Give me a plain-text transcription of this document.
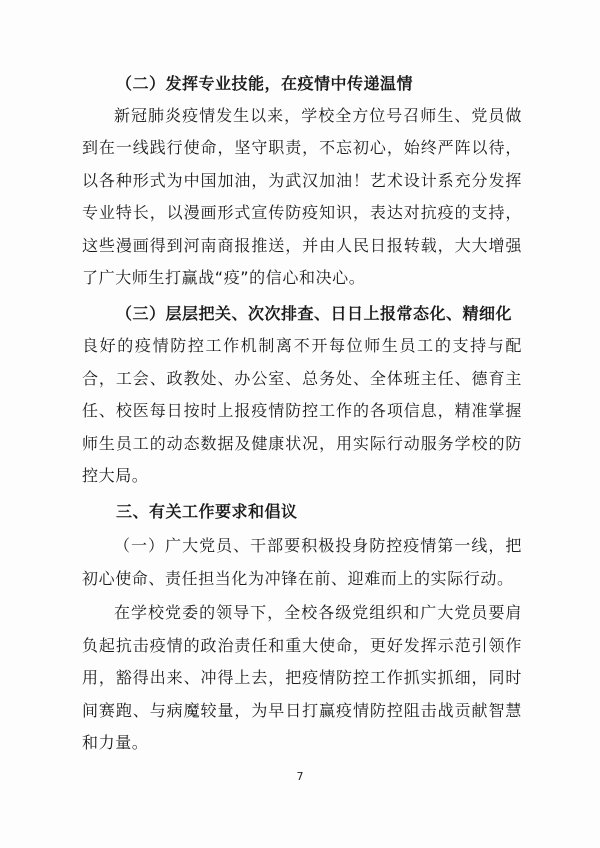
（二）发挥专业技能，在疫情中传递温情

新冠肺炎疫情发生以来，学校全方位号召师生、党员做到在一线践行使命，坚守职责，不忘初心，始终严阵以待，以各种形式为中国加油，为武汉加油！艺术设计系充分发挥专业特长，以漫画形式宣传防疫知识，表达对抗疫的支持，这些漫画得到河南商报推送，并由人民日报转载，大大增强了广大师生打赢战“疫”的信心和决心。

（三）层层把关、次次排查、日日上报常态化、精细化

良好的疫情防控工作机制离不开每位师生员工的支持与配合，工会、政教处、办公室、总务处、全体班主任、德育主任、校医每日按时上报疫情防控工作的各项信息，精准掌握师生员工的动态数据及健康状况，用实际行动服务学校的防控大局。

三、有关工作要求和倡议

（一）广大党员、干部要积极投身防控疫情第一线，把初心使命、责任担当化为冲锋在前、迎难而上的实际行动。

在学校党委的领导下，全校各级党组织和广大党员要肩负起抗击疫情的政治责任和重大使命，更好发挥示范引领作用，豁得出来、冲得上去，把疫情防控工作抓实抓细，同时间赛跑、与病魔较量，为早日打赢疫情防控阻击战贡献智慧和力量。

7
